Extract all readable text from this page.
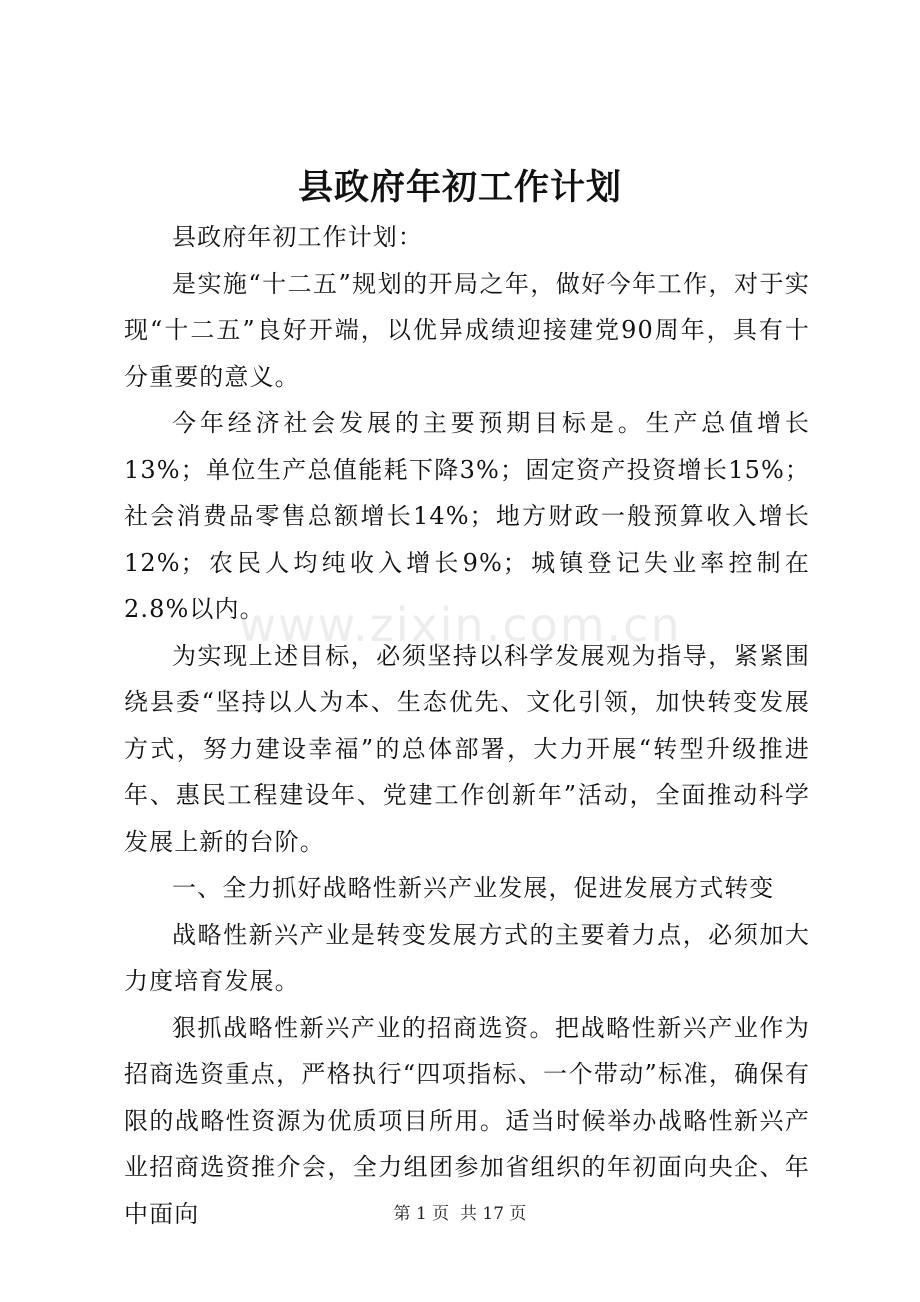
县政府年初工作计划

县政府年初工作计划：

是实施“十二五”规划的开局之年，做好今年工作，对于实现“十二五”良好开端，以优异成绩迎接建党90周年，具有十分重要的意义。

今年经济社会发展的主要预期目标是。生产总值增长13%；单位生产总值能耗下降3%；固定资产投资增长15%；社会消费品零售总额增长14%；地方财政一般预算收入增长12%；农民人均纯收入增长9%；城镇登记失业率控制在2.8%以内。

为实现上述目标，必须坚持以科学发展观为指导，紧紧围绕县委“坚持以人为本、生态优先、文化引领，加快转变发展方式，努力建设幸福”的总体部署，大力开展“转型升级推进年、惠民工程建设年、党建工作创新年”活动，全面推动科学发展上新的台阶。

一、全力抓好战略性新兴产业发展，促进发展方式转变

战略性新兴产业是转变发展方式的主要着力点，必须加大力度培育发展。

狠抓战略性新兴产业的招商选资。把战略性新兴产业作为招商选资重点，严格执行“四项指标、一个带动”标准，确保有限的战略性资源为优质项目所用。适当时候举办战略性新兴产业招商选资推介会，全力组团参加省组织的年初面向央企、年中面向

www.zixin.com.cn
第 1 页 共 17 页
